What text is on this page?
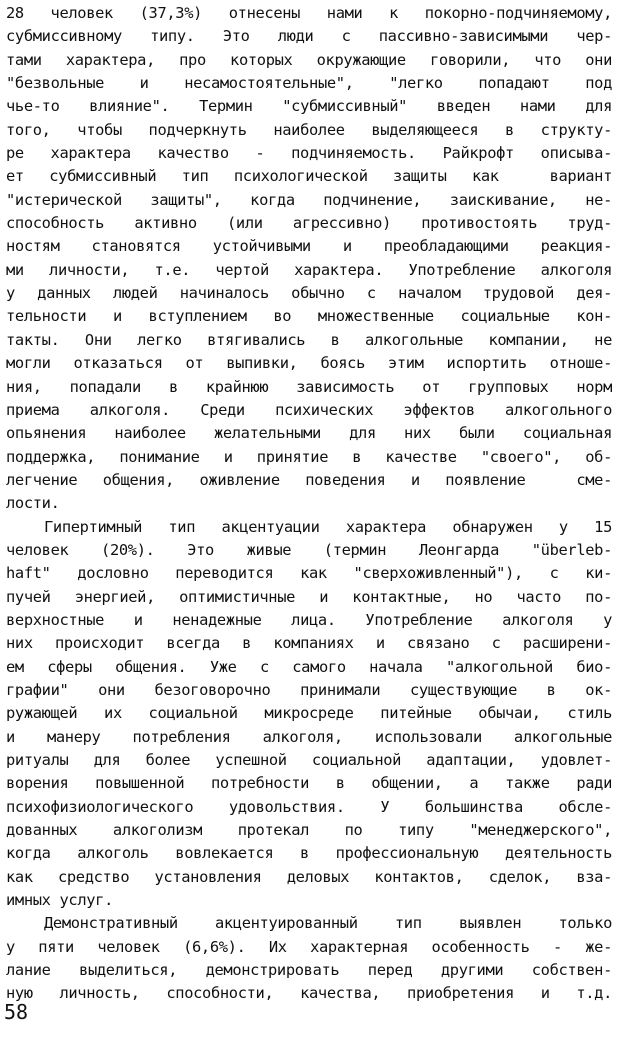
28 человек (37,3%) отнесены нами к покорно-подчиняемому,
субмиссивному типу. Это люди с пассивно-зависимыми чер-
тами характера, про которых окружающие говорили, что они
"безвольные и несамостоятельные", "легко попадают под
чье-то влияние". Термин "субмиссивный" введен нами для
того, чтобы подчеркнуть наиболее выделяющееся в структу-
ре характера качество - подчиняемость. Райкрофт описыва-
ет субмиссивный тип психологической защиты как  вариант
"истерической защиты", когда подчинение, заискивание, не-
способность активно (или агрессивно) противостоять труд-
ностям становятся устойчивыми и преобладающими реакция-
ми личности, т.е. чертой характера. Употребление алкоголя
у данных людей начиналось обычно с началом трудовой дея-
тельности и вступлением во множественные социальные кон-
такты. Они легко втягивались в алкогольные компании, не
могли отказаться от выпивки, боясь этим испортить отноше-
ния, попадали в крайнюю зависимость от групповых норм
приема алкоголя. Среди психических эффектов алкогольного
опьянения наиболее желательными для них были социальная
поддержка, понимание и принятие в качестве "своего", об-
легчение общения, оживление поведения и появление  сме-
лости.
Гипертимный тип акцентуации характера обнаружен у 15
человек (20%). Это живые (термин Леонгарда "überleb-
haft" дословно переводится как "сверхоживленный"), с ки-
пучей энергией, оптимистичные и контактные, но часто по-
верхностные и ненадежные лица. Употребление алкоголя у
них происходит всегда в компаниях и связано с расширени-
ем сферы общения. Уже с самого начала "алкогольной био-
графии" они безоговорочно принимали существующие в ок-
ружающей их социальной микросреде питейные обычаи, стиль
и манеру потребления алкоголя, использовали алкогольные
ритуалы для более успешной социальной адаптации, удовлет-
ворения повышенной потребности в общении, а также ради
психофизиологического удовольствия. У большинства обсле-
дованных алкоголизм протекал по типу "менеджерского",
когда алкоголь вовлекается в профессиональную деятельность
как средство установления деловых контактов, сделок, вза-
имных услуг.
Демонстративный акцентуированный тип выявлен только
у пяти человек (6,6%). Их характерная особенность - же-
лание выделиться, демонстрировать перед другими собствен-
ную личность, способности, качества, приобретения и т.д.
58
